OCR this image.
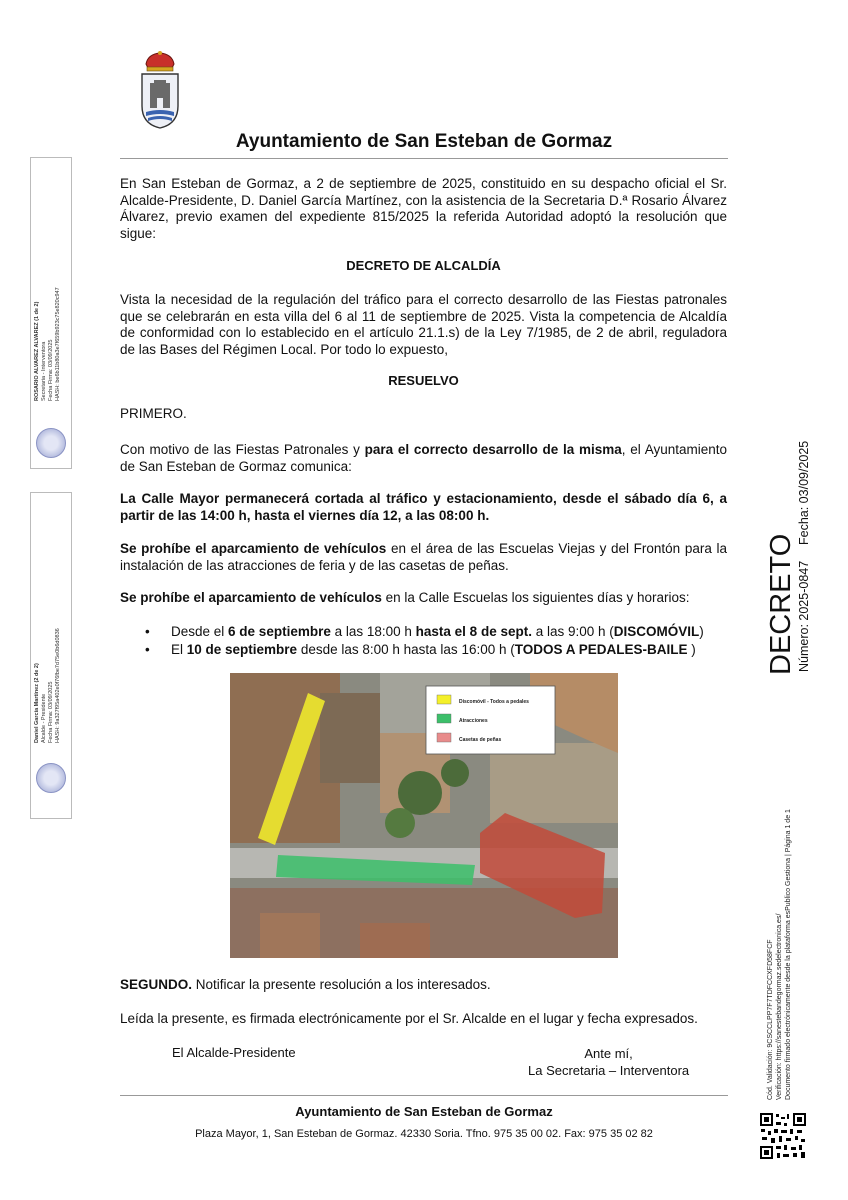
Ayuntamiento de San Esteban de Gormaz

En San Esteban de Gormaz, a 2 de septiembre de 2025, constituido en su despacho oficial el Sr. Alcalde-Presidente, D. Daniel García Martínez, con la asistencia de la Secretaria D.ª Rosario Álvarez Álvarez, previo examen del expediente 815/2025 la referida Autoridad adoptó la resolución que sigue:

DECRETO DE ALCALDÍA

Vista la necesidad de la regulación del tráfico para el correcto desarrollo de las Fiestas patronales que se celebrarán en esta villa del 6 al 11 de septiembre de 2025. Vista la competencia de Alcaldía de conformidad con lo establecido en el artículo 21.1.s) de la Ley 7/1985, de 2 de abril, reguladora de las Bases del Régimen Local. Por todo lo expuesto,

RESUELVO

PRIMERO.

Con motivo de las Fiestas Patronales y para el correcto desarrollo de la misma, el Ayuntamiento de San Esteban de Gormaz comunica:

La Calle Mayor permanecerá cortada al tráfico y estacionamiento, desde el sábado día 6, a partir de las 14:00 h, hasta el viernes día 12, a las 08:00 h.

Se prohíbe el aparcamiento de vehículos en el área de las Escuelas Viejas y del Frontón para la instalación de las atracciones de feria y de las casetas de peñas.

Se prohíbe el aparcamiento de vehículos en la Calle Escuelas los siguientes días y horarios:

•	Desde el 6 de septiembre a las 18:00 h hasta el 8 de sept. a las 9:00 h (DISCOMÓVIL)
•	El 10 de septiembre desde las 8:00 h hasta las 16:00 h (TODOS A PEDALES-BAILE )
Discomóvil - Todos a pedales
Atracciones
Casetas de peñas

SEGUNDO. Notificar la presente resolución a los interesados.

Leída la presente, es firmada electrónicamente por el Sr. Alcalde en el lugar y fecha expresados.

El Alcalde-Presidente	Ante mí,
La Secretaria – Interventora
Ayuntamiento de San Esteban de Gormaz
Plaza Mayor, 1, San Esteban de Gormaz. 42330 Soria. Tfno. 975 35 00 02. Fax: 975 35 02 82
ROSARIO ALVAREZ ALVAREZ (1 de 2) Secretaria - Interventora Fecha Firma: 03/09/2025 HASH: be6b11b80a3e7f659b923c75e820c947
Daniel García Martínez (2 de 2) Alcalde - Presidente Fecha Firma: 03/09/2025 HASH: 9a327f95a402e0f76fbe7d75e0b6d0836
DECRETO Número: 2025-0847
Fecha: 03/09/2025
Cód. Validación: 9CSCCLPP7F7TDFCCXFD58FCF Verificación: https://sanestebandegormaz.sedelectronica.es/ Documento firmado electrónicamente desde la plataforma esPublico Gestiona | Página 1 de 1
